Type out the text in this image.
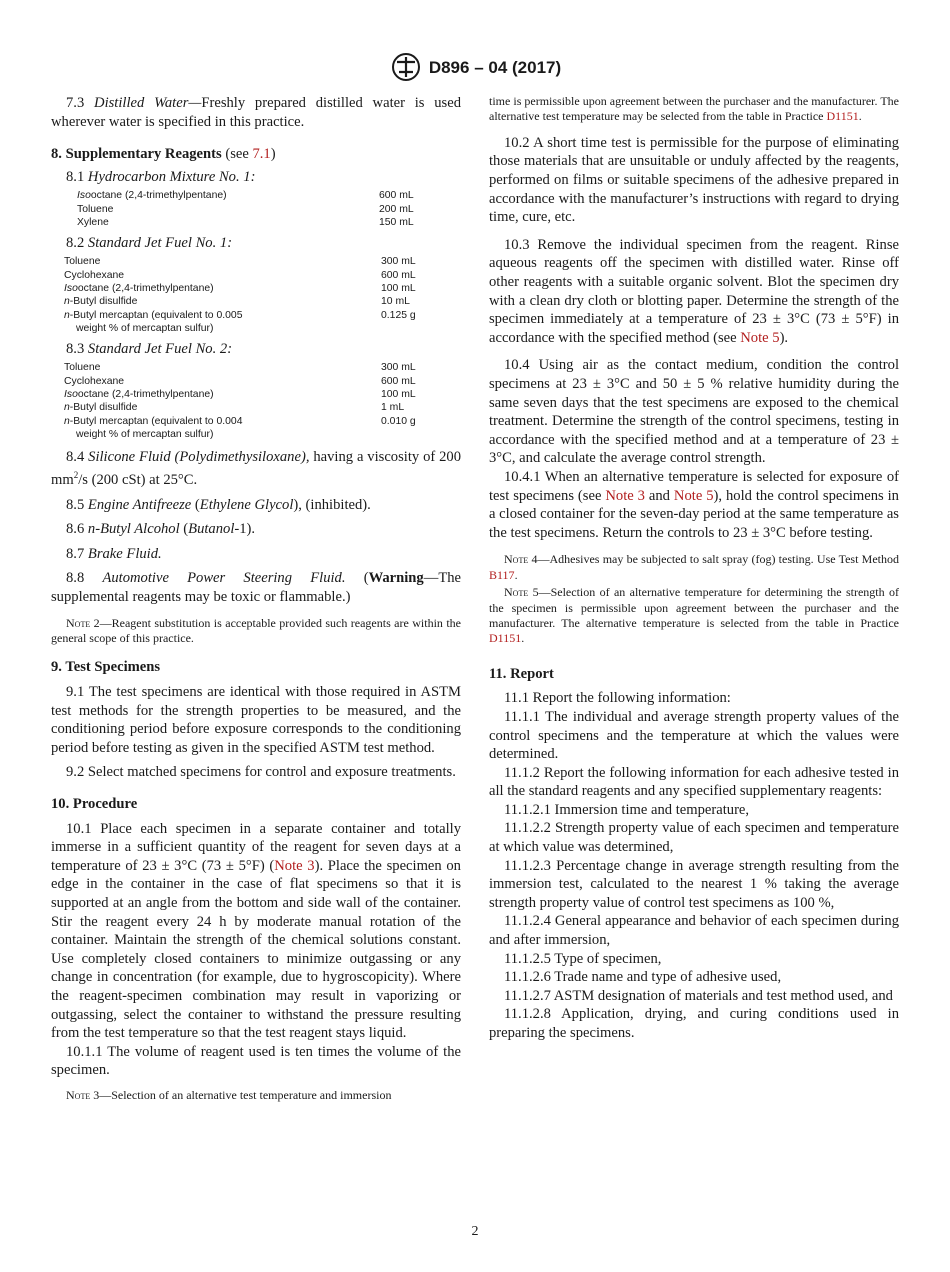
D896 – 04 (2017)

7.3 Distilled Water—Freshly prepared distilled water is used wherever water is specified in this practice.

8. Supplementary Reagents (see 7.1)

8.1 Hydrocarbon Mixture No. 1:

Isooctane (2,4-trimethylpentane)	600 mL
Toluene	200 mL
Xylene	150 mL

8.2 Standard Jet Fuel No. 1:

Toluene	300 mL
Cyclohexane	600 mL
Isooctane (2,4-trimethylpentane)	100 mL
n-Butyl disulfide	10 mL
n-Butyl mercaptan (equivalent to 0.005	0.125 g
weight % of mercaptan sulfur)	

8.3 Standard Jet Fuel No. 2:

Toluene	300 mL
Cyclohexane	600 mL
Isooctane (2,4-trimethylpentane)	100 mL
n-Butyl disulfide	1 mL
n-Butyl mercaptan (equivalent to 0.004	0.010 g
weight % of mercaptan sulfur)	

8.4 Silicone Fluid (Polydimethysiloxane), having a viscosity of 200 $mm^2/s$ (200 cSt) at 25°C.

8.5 Engine Antifreeze (Ethylene Glycol), (inhibited).

8.6 n-Butyl Alcohol (Butanol-1).

8.7 Brake Fluid.

8.8 Automotive Power Steering Fluid. (Warning—The supplemental reagents may be toxic or flammable.)

Note 2—Reagent substitution is acceptable provided such reagents are within the general scope of this practice.

9. Test Specimens

9.1 The test specimens are identical with those required in ASTM test methods for the strength properties to be measured, and the conditioning period before exposure corresponds to the conditioning period before testing as given in the specified ASTM test method.

9.2 Select matched specimens for control and exposure treatments.

10. Procedure

10.1 Place each specimen in a separate container and totally immerse in a sufficient quantity of the reagent for seven days at a temperature of 23 ± 3°C (73 ± 5°F) (Note 3). Place the specimen on edge in the container in the case of flat specimens so that it is supported at an angle from the bottom and side wall of the container. Stir the reagent every 24 h by moderate manual rotation of the container. Maintain the strength of the chemical solutions constant. Use completely closed containers to minimize outgassing or any change in concentration (for example, due to hygroscopicity). Where the reagent-specimen combination may result in vaporizing or outgassing, select the container to withstand the pressure resulting from the test temperature so that the test reagent stays liquid.

10.1.1 The volume of reagent used is ten times the volume of the specimen.

Note 3—Selection of an alternative test temperature and immersion

time is permissible upon agreement between the purchaser and the manufacturer. The alternative test temperature may be selected from the table in Practice D1151.

10.2 A short time test is permissible for the purpose of eliminating those materials that are unsuitable or unduly affected by the reagents, performed on films or suitable specimens of the adhesive prepared in accordance with the manufacturer’s instructions with regard to drying time, cure, etc.

10.3 Remove the individual specimen from the reagent. Rinse aqueous reagents off the specimen with distilled water. Rinse off other reagents with a suitable organic solvent. Blot the specimen dry with a clean dry cloth or blotting paper. Determine the strength of the specimen immediately at a temperature of 23 ± 3°C (73 ± 5°F) in accordance with the specified method (see Note 5).

10.4 Using air as the contact medium, condition the control specimens at 23 ± 3°C and 50 ± 5 % relative humidity during the same seven days that the test specimens are exposed to the chemical treatment. Determine the strength of the control specimens, testing in accordance with the specified method and at a temperature of 23 ± 3°C, and calculate the average control strength.

10.4.1 When an alternative temperature is selected for exposure of test specimens (see Note 3 and Note 5), hold the control specimens in a closed container for the seven-day period at the same temperature as the test specimens. Return the controls to 23 ± 3°C before testing.

Note 4—Adhesives may be subjected to salt spray (fog) testing. Use Test Method B117.

Note 5—Selection of an alternative temperature for determining the strength of the specimen is permissible upon agreement between the purchaser and the manufacturer. The alternative temperature is selected from the table in Practice D1151.

11. Report

11.1 Report the following information:

11.1.1 The individual and average strength property values of the control specimens and the temperature at which the values were determined.

11.1.2 Report the following information for each adhesive tested in all the standard reagents and any specified supplementary reagents:

11.1.2.1 Immersion time and temperature,

11.1.2.2 Strength property value of each specimen and temperature at which value was determined,

11.1.2.3 Percentage change in average strength resulting from the immersion test, calculated to the nearest 1 % taking the average strength property value of control test specimens as 100 %,

11.1.2.4 General appearance and behavior of each specimen during and after immersion,

11.1.2.5 Type of specimen,

11.1.2.6 Trade name and type of adhesive used,

11.1.2.7 ASTM designation of materials and test method used, and

11.1.2.8 Application, drying, and curing conditions used in preparing the specimens.

2
